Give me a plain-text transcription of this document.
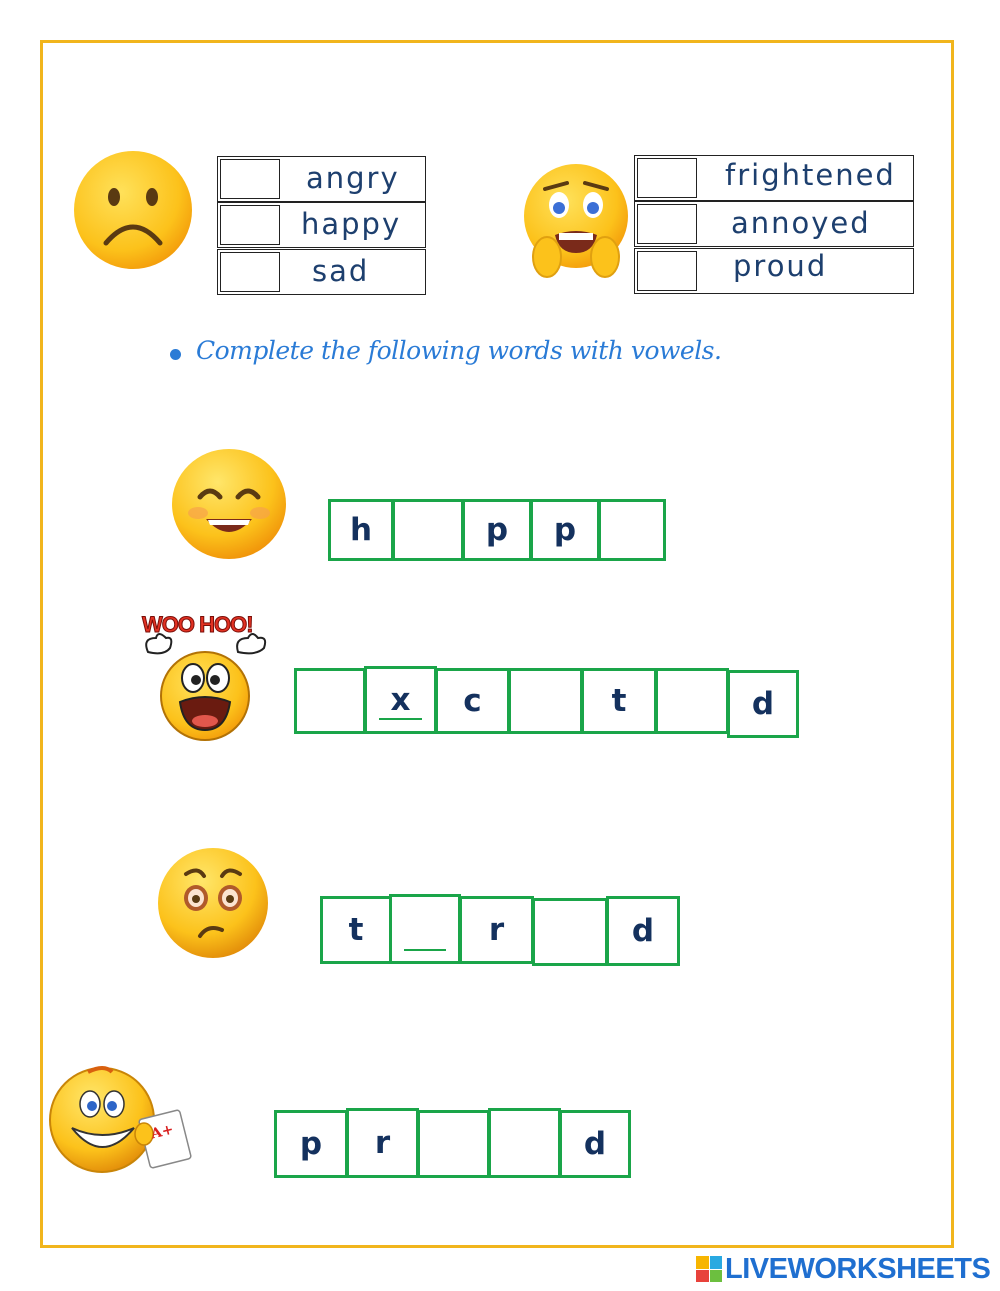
angry
happy
sad
frightened
annoyed
proud
Complete the following words with vowels.
h	p	p
WOO HOO!
x	c	t	d
t	r	d
A+	p	r	d
LIVEWORKSHEETS
